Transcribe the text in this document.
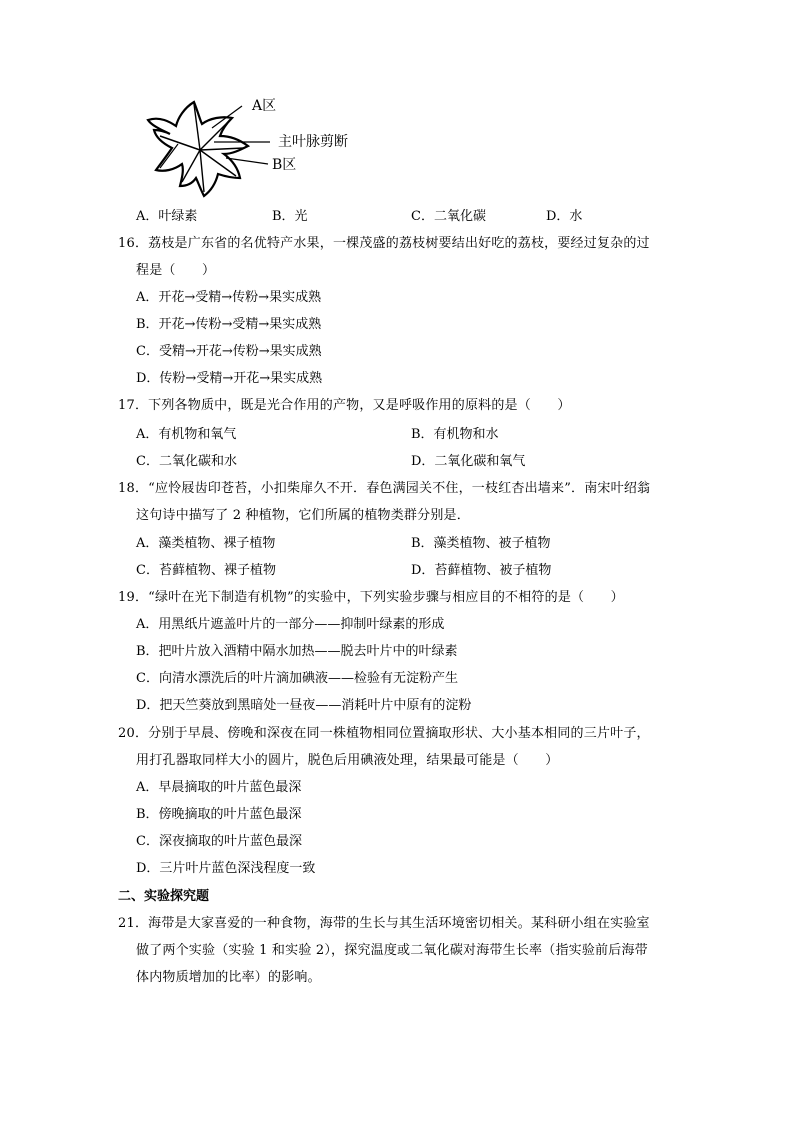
A区
主叶脉剪断
B区
A．叶绿素	B．光	C．二氧化碳	D．水
16．荔枝是广东省的名优特产水果，一棵茂盛的荔枝树要结出好吃的荔枝，要经过复杂的过
程是（　　）
A．开花→受精→传粉→果实成熟
B．开花→传粉→受精→果实成熟
C．受精→开花→传粉→果实成熟
D．传粉→受精→开花→果实成熟
17．下列各物质中，既是光合作用的产物，又是呼吸作用的原料的是（　　）
A．有机物和氧气	B．有机物和水
C．二氧化碳和水	D．二氧化碳和氧气
18．“应怜屐齿印苍苔，小扣柴扉久不开．春色满园关不住，一枝红杏出墙来”．南宋叶绍翁
这句诗中描写了 2 种植物，它们所属的植物类群分别是．
A．藻类植物、裸子植物	B．藻类植物、被子植物
C．苔藓植物、裸子植物	D．苔藓植物、被子植物
19．“绿叶在光下制造有机物”的实验中，下列实验步骤与相应目的不相符的是（　　）
A．用黑纸片遮盖叶片的一部分——抑制叶绿素的形成
B．把叶片放入酒精中隔水加热——脱去叶片中的叶绿素
C．向清水漂洗后的叶片滴加碘液——检验有无淀粉产生
D．把天竺葵放到黑暗处一昼夜——消耗叶片中原有的淀粉
20．分别于早晨、傍晚和深夜在同一株植物相同位置摘取形状、大小基本相同的三片叶子，
用打孔器取同样大小的圆片，脱色后用碘液处理，结果最可能是（　　）
A．早晨摘取的叶片蓝色最深
B．傍晚摘取的叶片蓝色最深
C．深夜摘取的叶片蓝色最深
D．三片叶片蓝色深浅程度一致
二、实验探究题
21．海带是大家喜爱的一种食物，海带的生长与其生活环境密切相关。某科研小组在实验室
做了两个实验（实验 1 和实验 2），探究温度或二氧化碳对海带生长率（指实验前后海带
体内物质增加的比率）的影响。
